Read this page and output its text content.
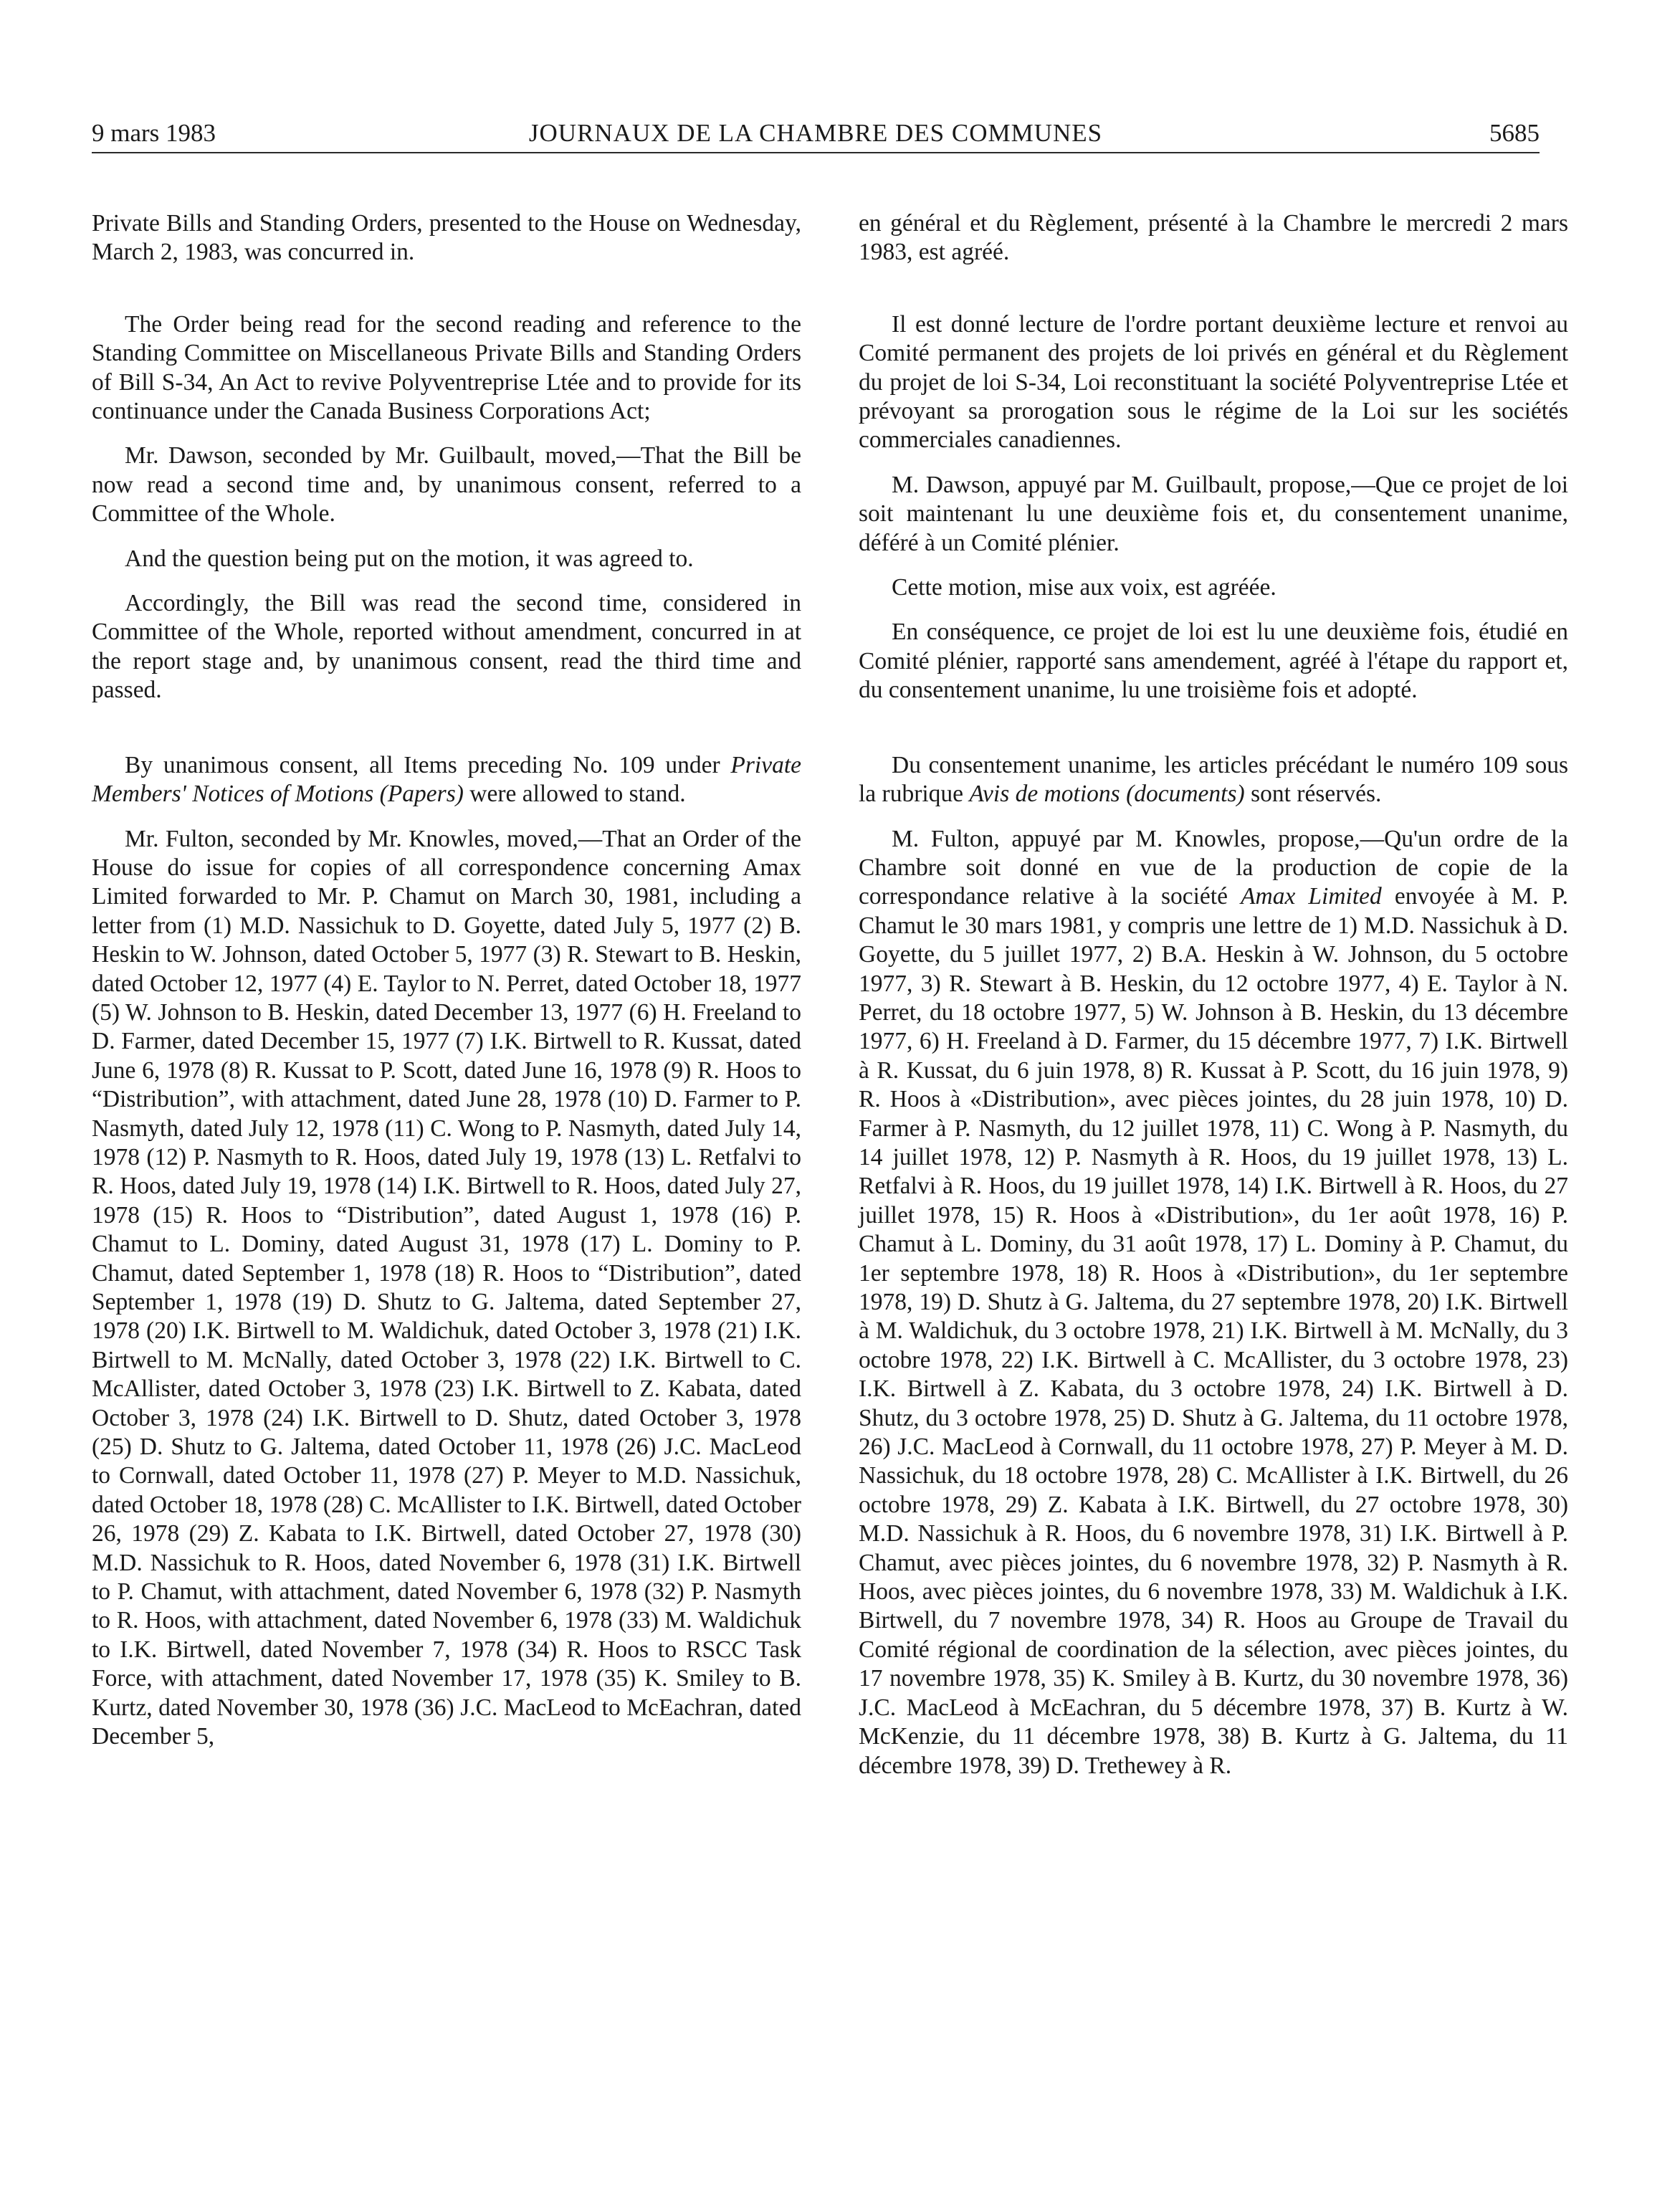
9 mars 1983	JOURNAUX DE LA CHAMBRE DES COMMUNES	5685

Private Bills and Standing Orders, presented to the House on Wednesday, March 2, 1983, was concurred in.

The Order being read for the second reading and reference to the Standing Committee on Miscellaneous Private Bills and Standing Orders of Bill S-34, An Act to revive Polyventreprise Ltée and to provide for its continuance under the Canada Business Corporations Act;

Mr. Dawson, seconded by Mr. Guilbault, moved,—That the Bill be now read a second time and, by unanimous consent, referred to a Committee of the Whole.

And the question being put on the motion, it was agreed to.

Accordingly, the Bill was read the second time, considered in Committee of the Whole, reported without amendment, concurred in at the report stage and, by unanimous consent, read the third time and passed.

By unanimous consent, all Items preceding No. 109 under Private Members' Notices of Motions (Papers) were allowed to stand.

Mr. Fulton, seconded by Mr. Knowles, moved,—That an Order of the House do issue for copies of all correspondence concerning Amax Limited forwarded to Mr. P. Chamut on March 30, 1981, including a letter from (1) M.D. Nassichuk to D. Goyette, dated July 5, 1977 (2) B. Heskin to W. Johnson, dated October 5, 1977 (3) R. Stewart to B. Heskin, dated October 12, 1977 (4) E. Taylor to N. Perret, dated October 18, 1977 (5) W. Johnson to B. Heskin, dated December 13, 1977 (6) H. Freeland to D. Farmer, dated December 15, 1977 (7) I.K. Birtwell to R. Kussat, dated June 6, 1978 (8) R. Kussat to P. Scott, dated June 16, 1978 (9) R. Hoos to “Distribution”, with attachment, dated June 28, 1978 (10) D. Farmer to P. Nasmyth, dated July 12, 1978 (11) C. Wong to P. Nasmyth, dated July 14, 1978 (12) P. Nasmyth to R. Hoos, dated July 19, 1978 (13) L. Retfalvi to R. Hoos, dated July 19, 1978 (14) I.K. Birtwell to R. Hoos, dated July 27, 1978 (15) R. Hoos to “Distribution”, dated August 1, 1978 (16) P. Chamut to L. Dominy, dated August 31, 1978 (17) L. Dominy to P. Chamut, dated September 1, 1978 (18) R. Hoos to “Distribution”, dated September 1, 1978 (19) D. Shutz to G. Jaltema, dated September 27, 1978 (20) I.K. Birtwell to M. Waldichuk, dated October 3, 1978 (21) I.K. Birtwell to M. McNally, dated October 3, 1978 (22) I.K. Birtwell to C. McAllister, dated October 3, 1978 (23) I.K. Birtwell to Z. Kabata, dated October 3, 1978 (24) I.K. Birtwell to D. Shutz, dated October 3, 1978 (25) D. Shutz to G. Jaltema, dated October 11, 1978 (26) J.C. MacLeod to Cornwall, dated October 11, 1978 (27) P. Meyer to M.D. Nassichuk, dated October 18, 1978 (28) C. McAllister to I.K. Birtwell, dated October 26, 1978 (29) Z. Kabata to I.K. Birtwell, dated October 27, 1978 (30) M.D. Nassichuk to R. Hoos, dated November 6, 1978 (31) I.K. Birtwell to P. Chamut, with attachment, dated November 6, 1978 (32) P. Nasmyth to R. Hoos, with attachment, dated November 6, 1978 (33) M. Waldichuk to I.K. Birtwell, dated November 7, 1978 (34) R. Hoos to RSCC Task Force, with attachment, dated November 17, 1978 (35) K. Smiley to B. Kurtz, dated November 30, 1978 (36) J.C. MacLeod to McEachran, dated December 5,

en général et du Règlement, présenté à la Chambre le mercredi 2 mars 1983, est agréé.

Il est donné lecture de l'ordre portant deuxième lecture et renvoi au Comité permanent des projets de loi privés en général et du Règlement du projet de loi S-34, Loi reconstituant la société Polyventreprise Ltée et prévoyant sa prorogation sous le régime de la Loi sur les sociétés commerciales canadiennes.

M. Dawson, appuyé par M. Guilbault, propose,—Que ce projet de loi soit maintenant lu une deuxième fois et, du consentement unanime, déféré à un Comité plénier.

Cette motion, mise aux voix, est agréée.

En conséquence, ce projet de loi est lu une deuxième fois, étudié en Comité plénier, rapporté sans amendement, agréé à l'étape du rapport et, du consentement unanime, lu une troisième fois et adopté.

Du consentement unanime, les articles précédant le numéro 109 sous la rubrique Avis de motions (documents) sont réservés.

M. Fulton, appuyé par M. Knowles, propose,—Qu'un ordre de la Chambre soit donné en vue de la production de copie de la correspondance relative à la société Amax Limited envoyée à M. P. Chamut le 30 mars 1981, y compris une lettre de 1) M.D. Nassichuk à D. Goyette, du 5 juillet 1977, 2) B.A. Heskin à W. Johnson, du 5 octobre 1977, 3) R. Stewart à B. Heskin, du 12 octobre 1977, 4) E. Taylor à N. Perret, du 18 octobre 1977, 5) W. Johnson à B. Heskin, du 13 décembre 1977, 6) H. Freeland à D. Farmer, du 15 décembre 1977, 7) I.K. Birtwell à R. Kussat, du 6 juin 1978, 8) R. Kussat à P. Scott, du 16 juin 1978, 9) R. Hoos à «Distribution», avec pièces jointes, du 28 juin 1978, 10) D. Farmer à P. Nasmyth, du 12 juillet 1978, 11) C. Wong à P. Nasmyth, du 14 juillet 1978, 12) P. Nasmyth à R. Hoos, du 19 juillet 1978, 13) L. Retfalvi à R. Hoos, du 19 juillet 1978, 14) I.K. Birtwell à R. Hoos, du 27 juillet 1978, 15) R. Hoos à «Distribution», du 1er août 1978, 16) P. Chamut à L. Dominy, du 31 août 1978, 17) L. Dominy à P. Chamut, du 1er septembre 1978, 18) R. Hoos à «Distribution», du 1er septembre 1978, 19) D. Shutz à G. Jaltema, du 27 septembre 1978, 20) I.K. Birtwell à M. Waldichuk, du 3 octobre 1978, 21) I.K. Birtwell à M. McNally, du 3 octobre 1978, 22) I.K. Birtwell à C. McAllister, du 3 octobre 1978, 23) I.K. Birtwell à Z. Kabata, du 3 octobre 1978, 24) I.K. Birtwell à D. Shutz, du 3 octobre 1978, 25) D. Shutz à G. Jaltema, du 11 octobre 1978, 26) J.C. MacLeod à Cornwall, du 11 octobre 1978, 27) P. Meyer à M. D. Nassichuk, du 18 octobre 1978, 28) C. McAllister à I.K. Birtwell, du 26 octobre 1978, 29) Z. Kabata à I.K. Birtwell, du 27 octobre 1978, 30) M.D. Nassichuk à R. Hoos, du 6 novembre 1978, 31) I.K. Birtwell à P. Chamut, avec pièces jointes, du 6 novembre 1978, 32) P. Nasmyth à R. Hoos, avec pièces jointes, du 6 novembre 1978, 33) M. Waldichuk à I.K. Birtwell, du 7 novembre 1978, 34) R. Hoos au Groupe de Travail du Comité régional de coordination de la sélection, avec pièces jointes, du 17 novembre 1978, 35) K. Smiley à B. Kurtz, du 30 novembre 1978, 36) J.C. MacLeod à McEachran, du 5 décembre 1978, 37) B. Kurtz à W. McKenzie, du 11 décembre 1978, 38) B. Kurtz à G. Jaltema, du 11 décembre 1978, 39) D. Trethewey à R.
